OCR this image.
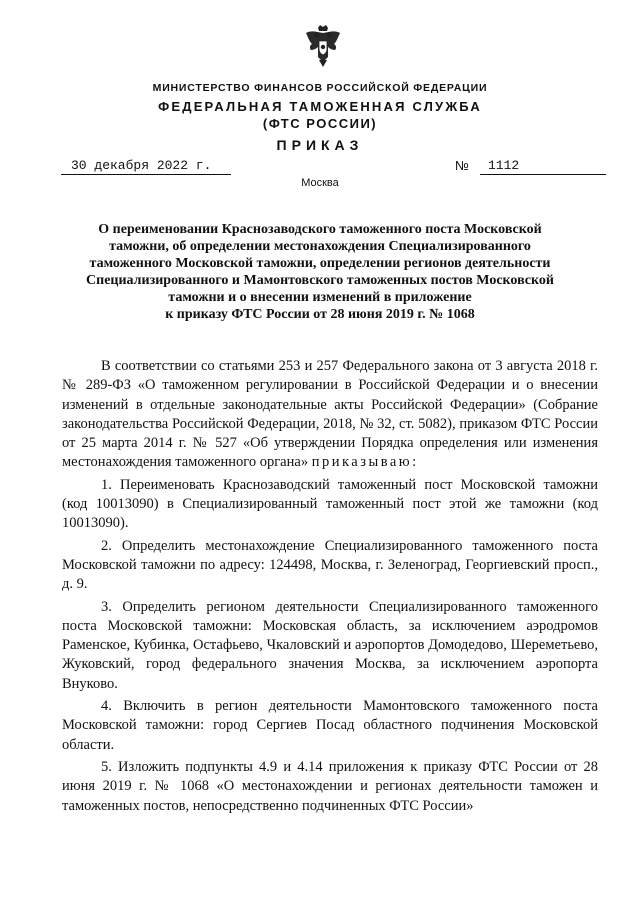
МИНИСТЕРСТВО ФИНАНСОВ РОССИЙСКОЙ ФЕДЕРАЦИИ
ФЕДЕРАЛЬНАЯ ТАМОЖЕННАЯ СЛУЖБА
(ФТС РОССИИ)
ПРИКАЗ
30 декабря 2022 г.	№	1112
Москва
О переименовании Краснозаводского таможенного поста Московской
таможни, об определении местонахождения Специализированного
таможенного Московской таможни, определении регионов деятельности
Специализированного и Мамонтовского таможенных постов Московской
таможни и о внесении изменений в приложение
к приказу ФТС России от 28 июня 2019 г. № 1068

В соответствии со статьями 253 и 257 Федерального закона от 3 августа 2018 г. № 289-ФЗ «О таможенном регулировании в Российской Федерации и о внесении изменений в отдельные законодательные акты Российской Федерации» (Собрание законодательства Российской Федерации, 2018, № 32, ст. 5082), приказом ФТС России от 25 марта 2014 г. № 527 «Об утверждении Порядка определения или изменения местонахождения таможенного органа» приказываю:

1. Переименовать Краснозаводский таможенный пост Московской таможни (код 10013090) в Специализированный таможенный пост этой же таможни (код 10013090).

2. Определить местонахождение Специализированного таможенного поста Московской таможни по адресу: 124498, Москва, г. Зеленоград, Георгиевский просп., д. 9.

3. Определить регионом деятельности Специализированного таможенного поста Московской таможни: Московская область, за исключением аэродромов Раменское, Кубинка, Остафьево, Чкаловский и аэропортов Домодедово, Шереметьево, Жуковский, город федерального значения Москва, за исключением аэропорта Внуково.

4. Включить в регион деятельности Мамонтовского таможенного поста Московской таможни: город Сергиев Посад областного подчинения Московской области.

5. Изложить подпункты 4.9 и 4.14 приложения к приказу ФТС России от 28 июня 2019 г. № 1068 «О местонахождении и регионах деятельности таможен и таможенных постов, непосредственно подчиненных ФТС России»
